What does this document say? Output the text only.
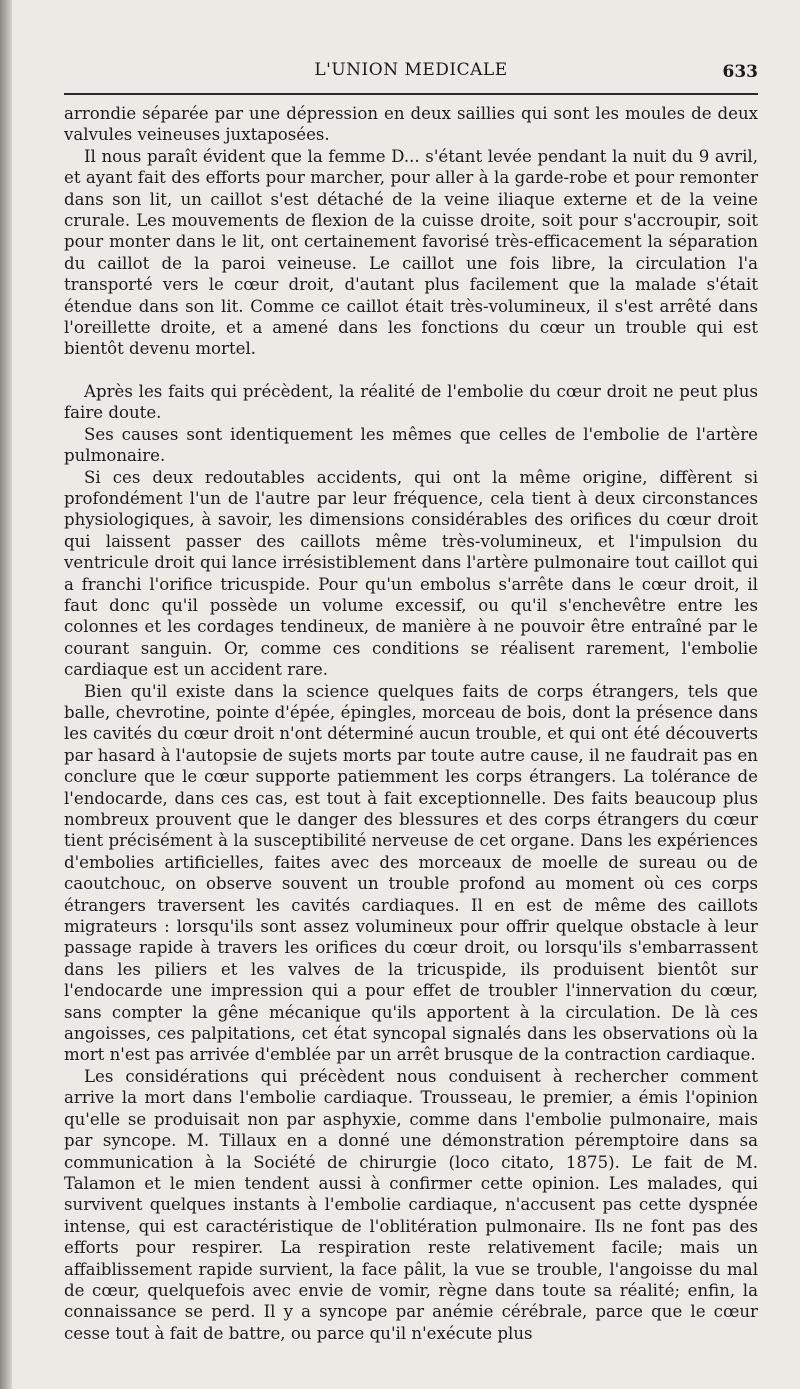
L'UNION MEDICALE	633

arrondie séparée par une dépression en deux saillies qui sont les moules de deux valvules veineuses juxtaposées.

Il nous paraît évident que la femme D... s'étant levée pendant la nuit du 9 avril, et ayant fait des efforts pour marcher, pour aller à la garde-robe et pour remonter dans son lit, un caillot s'est détaché de la veine iliaque externe et de la veine crurale. Les mouvements de flexion de la cuisse droite, soit pour s'accroupir, soit pour monter dans le lit, ont certainement favorisé très-efficacement la séparation du caillot de la paroi veineuse. Le caillot une fois libre, la circulation l'a transporté vers le cœur droit, d'autant plus facilement que la malade s'était étendue dans son lit. Comme ce caillot était très-volumineux, il s'est arrêté dans l'oreillette droite, et a amené dans les fonctions du cœur un trouble qui est bientôt devenu mortel.

Après les faits qui précèdent, la réalité de l'embolie du cœur droit ne peut plus faire doute.

Ses causes sont identiquement les mêmes que celles de l'embolie de l'artère pulmonaire.

Si ces deux redoutables accidents, qui ont la même origine, diffèrent si profondément l'un de l'autre par leur fréquence, cela tient à deux circonstances physiologiques, à savoir, les dimensions considérables des orifices du cœur droit qui laissent passer des caillots même très-volumineux, et l'impulsion du ventricule droit qui lance irrésistiblement dans l'artère pulmonaire tout caillot qui a franchi l'orifice tricuspide. Pour qu'un embolus s'arrête dans le cœur droit, il faut donc qu'il possède un volume excessif, ou qu'il s'enchevêtre entre les colonnes et les cordages tendineux, de manière à ne pouvoir être entraîné par le courant sanguin. Or, comme ces conditions se réalisent rarement, l'embolie cardiaque est un accident rare.

Bien qu'il existe dans la science quelques faits de corps étrangers, tels que balle, chevrotine, pointe d'épée, épingles, morceau de bois, dont la présence dans les cavités du cœur droit n'ont déterminé aucun trouble, et qui ont été découverts par hasard à l'autopsie de sujets morts par toute autre cause, il ne faudrait pas en conclure que le cœur supporte patiemment les corps étrangers. La tolérance de l'endocarde, dans ces cas, est tout à fait exceptionnelle. Des faits beaucoup plus nombreux prouvent que le danger des blessures et des corps étrangers du cœur tient précisément à la susceptibilité nerveuse de cet organe. Dans les expériences d'embolies artificielles, faites avec des morceaux de moelle de sureau ou de caoutchouc, on observe souvent un trouble profond au moment où ces corps étrangers traversent les cavités cardiaques. Il en est de même des caillots migrateurs : lorsqu'ils sont assez volumineux pour offrir quelque obstacle à leur passage rapide à travers les orifices du cœur droit, ou lorsqu'ils s'embarrassent dans les piliers et les valves de la tricuspide, ils produisent bientôt sur l'endocarde une impression qui a pour effet de troubler l'innervation du cœur, sans compter la gêne mécanique qu'ils apportent à la circulation. De là ces angoisses, ces palpitations, cet état syncopal signalés dans les observations où la mort n'est pas arrivée d'emblée par un arrêt brusque de la contraction cardiaque.

Les considérations qui précèdent nous conduisent à rechercher comment arrive la mort dans l'embolie cardiaque. Trousseau, le premier, a émis l'opinion qu'elle se produisait non par asphyxie, comme dans l'embolie pulmonaire, mais par syncope. M. Tillaux en a donné une démonstration péremptoire dans sa communication à la Société de chirurgie (loco citato, 1875). Le fait de M. Talamon et le mien tendent aussi à confirmer cette opinion. Les malades, qui survivent quelques instants à l'embolie cardiaque, n'accusent pas cette dyspnée intense, qui est caractéristique de l'oblitération pulmonaire. Ils ne font pas des efforts pour respirer. La respiration reste relativement facile; mais un affaiblissement rapide survient, la face pâlit, la vue se trouble, l'angoisse du mal de cœur, quelquefois avec envie de vomir, règne dans toute sa réalité; enfin, la connaissance se perd. Il y a syncope par anémie cérébrale, parce que le cœur cesse tout à fait de battre, ou parce qu'il n'exécute plus
